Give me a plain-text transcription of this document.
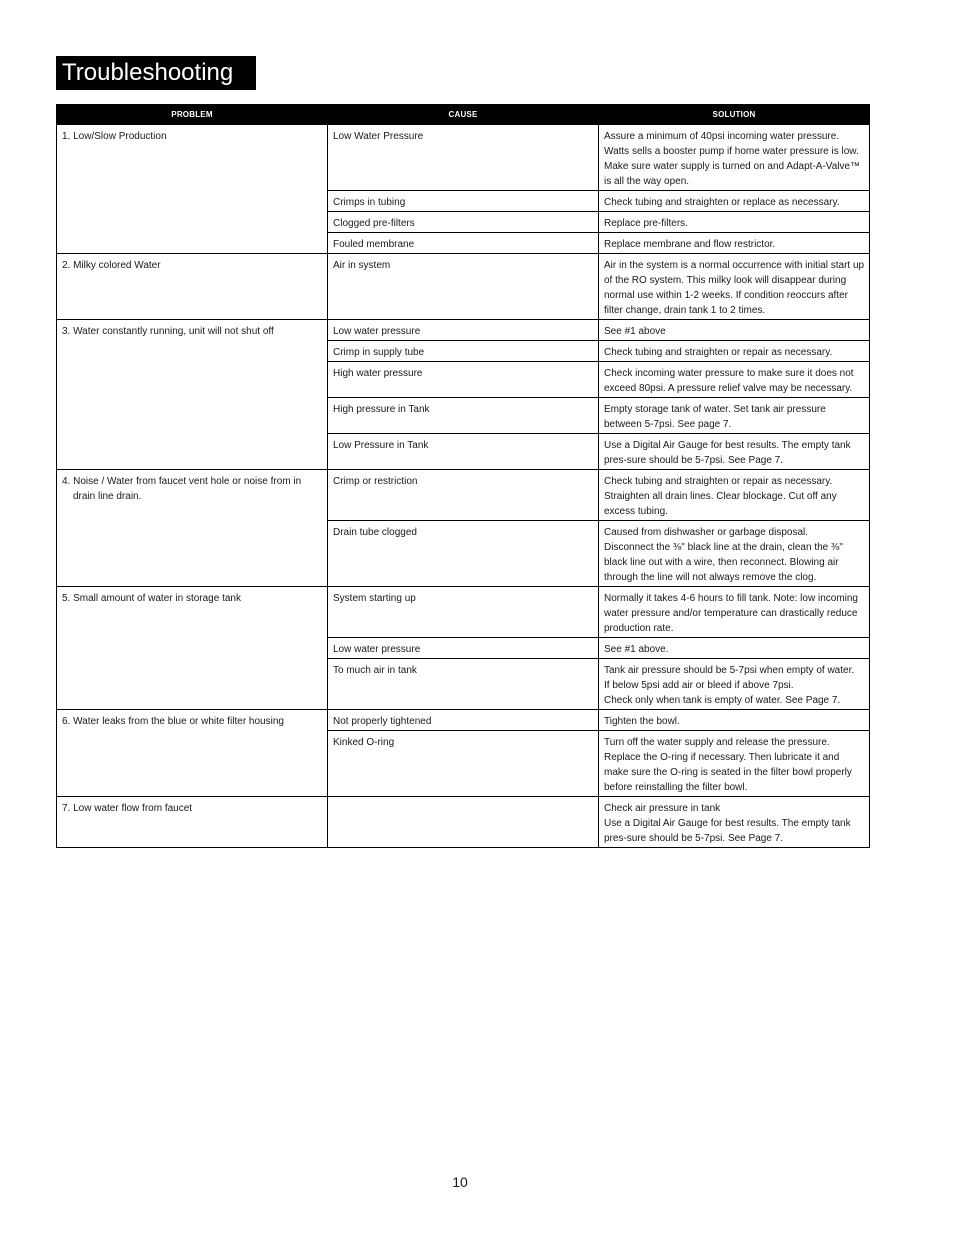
Troubleshooting
PROBLEM	CAUSE	SOLUTION

1. Low/Slow Production	Low Water Pressure	Assure a minimum of 40psi incoming water pressure.
Watts sells a booster pump if home water pressure is low.
Make sure water supply is turned on and Adapt-A-Valve™ is all the way open.

	Crimps in tubing	Check tubing and straighten or replace as necessary.
	Clogged pre-filters	Replace pre-filters.
	Fouled membrane	Replace membrane and flow restrictor.

2. Milky colored Water	Air in system	Air in the system is a normal occurrence with initial start up of the RO system. This milky look will disappear during normal use within 1-2 weeks. If condition reoccurs after filter change, drain tank 1 to 2 times.

3. Water constantly running, unit will not shut off	Low water pressure	See #1 above
	Crimp in supply tube	Check tubing and straighten or repair as necessary.
	High water pressure	Check incoming water pressure to make sure it does not exceed 80psi. A pressure relief valve may be necessary.
	High pressure in Tank	Empty storage tank of water. Set tank air pressure between 5-7psi. See page 7.
	Low Pressure in Tank	Use a Digital Air Gauge for best results. The empty tank pres-sure should be 5-7psi. See Page 7.

4. Noise / Water from faucet vent hole or noise from in drain line drain.	Crimp or restriction	Check tubing and straighten or repair as necessary.
Straighten all drain lines. Clear blockage. Cut off any excess tubing.

	Drain tube clogged	Caused from dishwasher or garbage disposal.
Disconnect the ⅜" black line at the drain, clean the ⅜" black line out with a wire, then reconnect. Blowing air through the line will not always remove the clog.

5. Small amount of water in storage tank	System starting up	Normally it takes 4-6 hours to fill tank. Note: low incoming water pressure and/or temperature can drastically reduce production rate.
	Low water pressure	See #1 above.
	To much air in tank	Tank air pressure should be 5-7psi when empty of water.
If below 5psi add air or bleed if above 7psi.
Check only when tank is empty of water. See Page 7.

6. Water leaks from the blue or white filter housing	Not properly tightened	Tighten the bowl.
	Kinked O-ring	Turn off the water supply and release the pressure.
Replace the O-ring if necessary. Then lubricate it and make sure the O-ring is seated in the filter bowl properly before reinstalling the filter bowl.

7. Low water flow from faucet		Check air pressure in tank
Use a Digital Air Gauge for best results. The empty tank pres-sure should be 5-7psi. See Page 7.
10
